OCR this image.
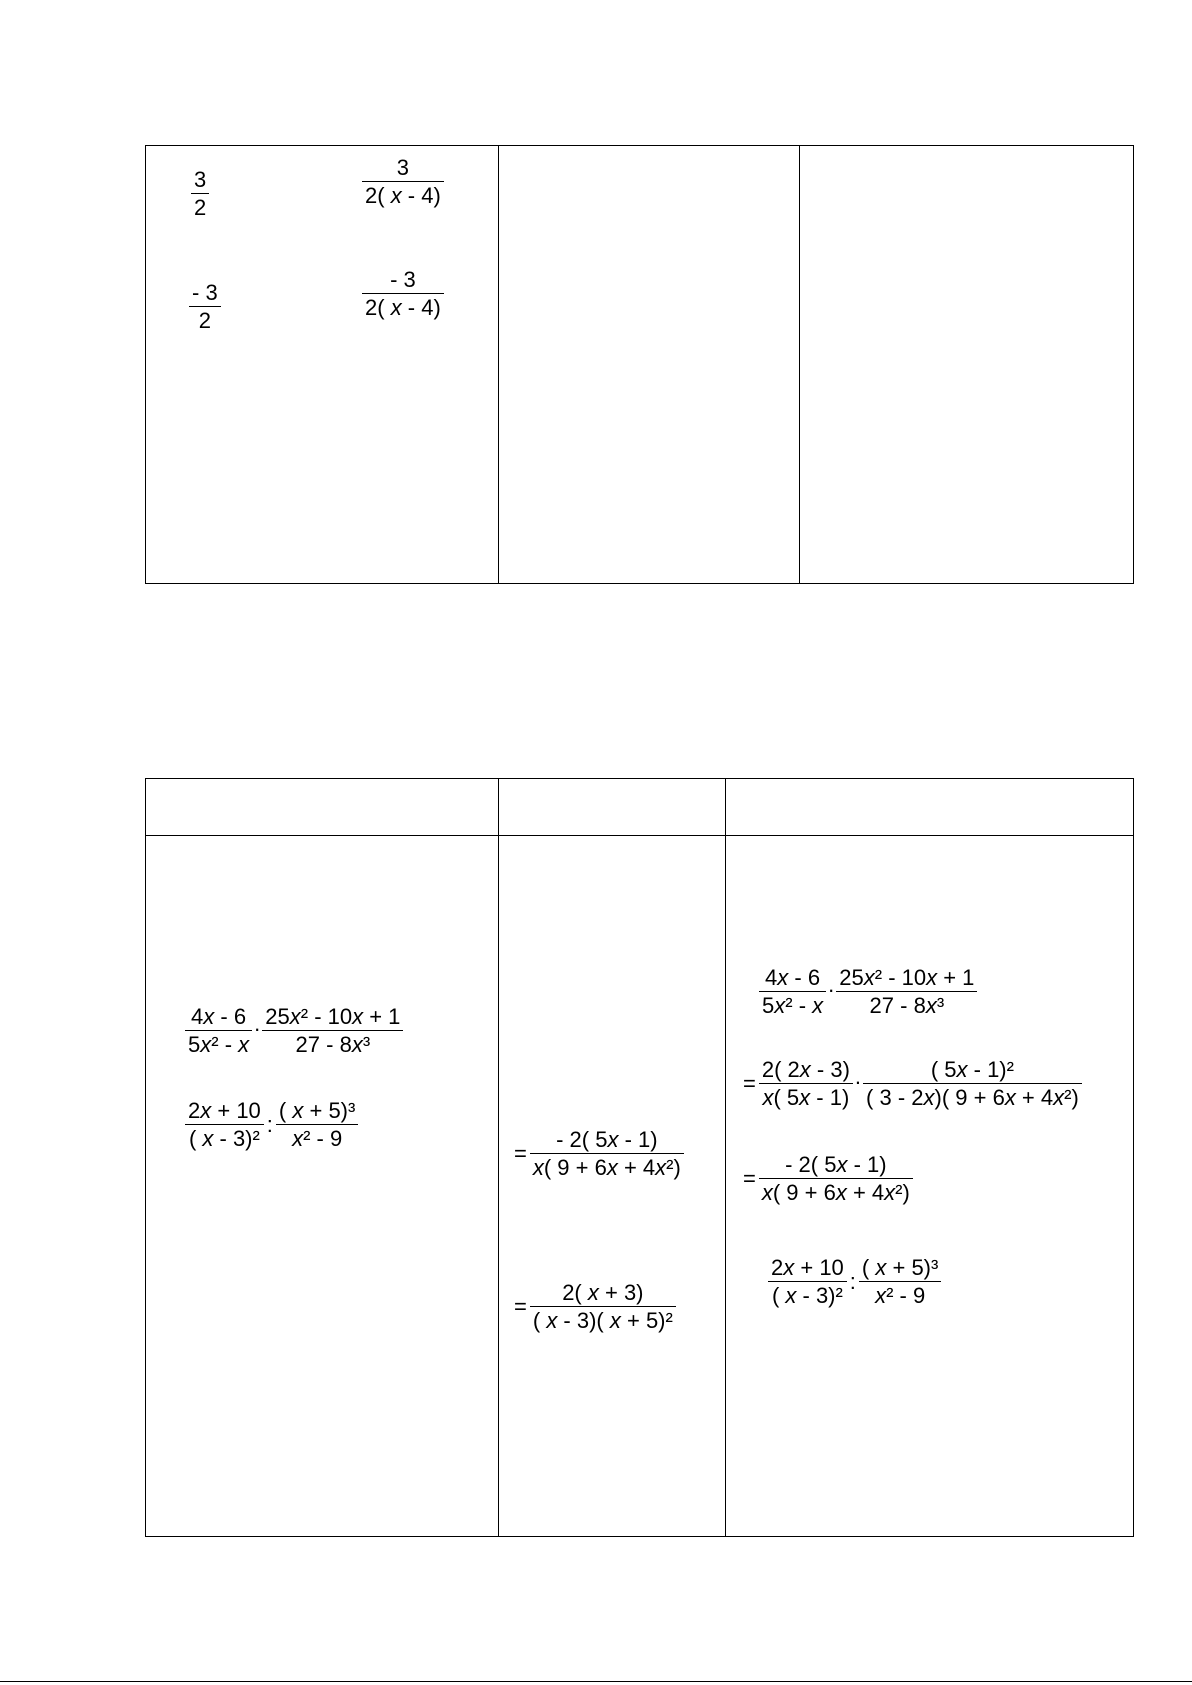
$\frac{3}{2}$	$\frac{3}{2( x - 4)}$
$\frac{- 3}{2}$	$\frac{- 3}{2( x - 4)}$
$\frac{4x - 6}{\text{5x² - x}}$ . $\frac{\text{25x² - 10x + 1}}{\text{27 - 8x³}}$
$\frac{2x + 10}{\text{( x - 3)²}}$ : $\frac{\text{( x + 5)³}}{\text{x² - 9}}$
= $\frac{- 2( 5x - 1)}{\text{x( 9 + 6x + 4x²)}}$
= $\frac{2( x + 3)}{\text{( x - 3)( x + 5)²}}$
$\frac{4x - 6}{\text{5x² - x}}$ . $\frac{\text{25x² - 10x + 1}}{\text{27 - 8x³}}$
= $\frac{2( 2x - 3)}{x( 5x - 1)}$ . $\frac{\text{( 5x - 1)²}}{\text{( 3 - 2x)( 9 + 6x + 4x²)}}$
= $\frac{- 2( 5x - 1)}{\text{x( 9 + 6x + 4x²)}}$
$\frac{2x + 10}{\text{( x - 3)²}}$ : $\frac{\text{( x + 5)³}}{\text{x² - 9}}$
